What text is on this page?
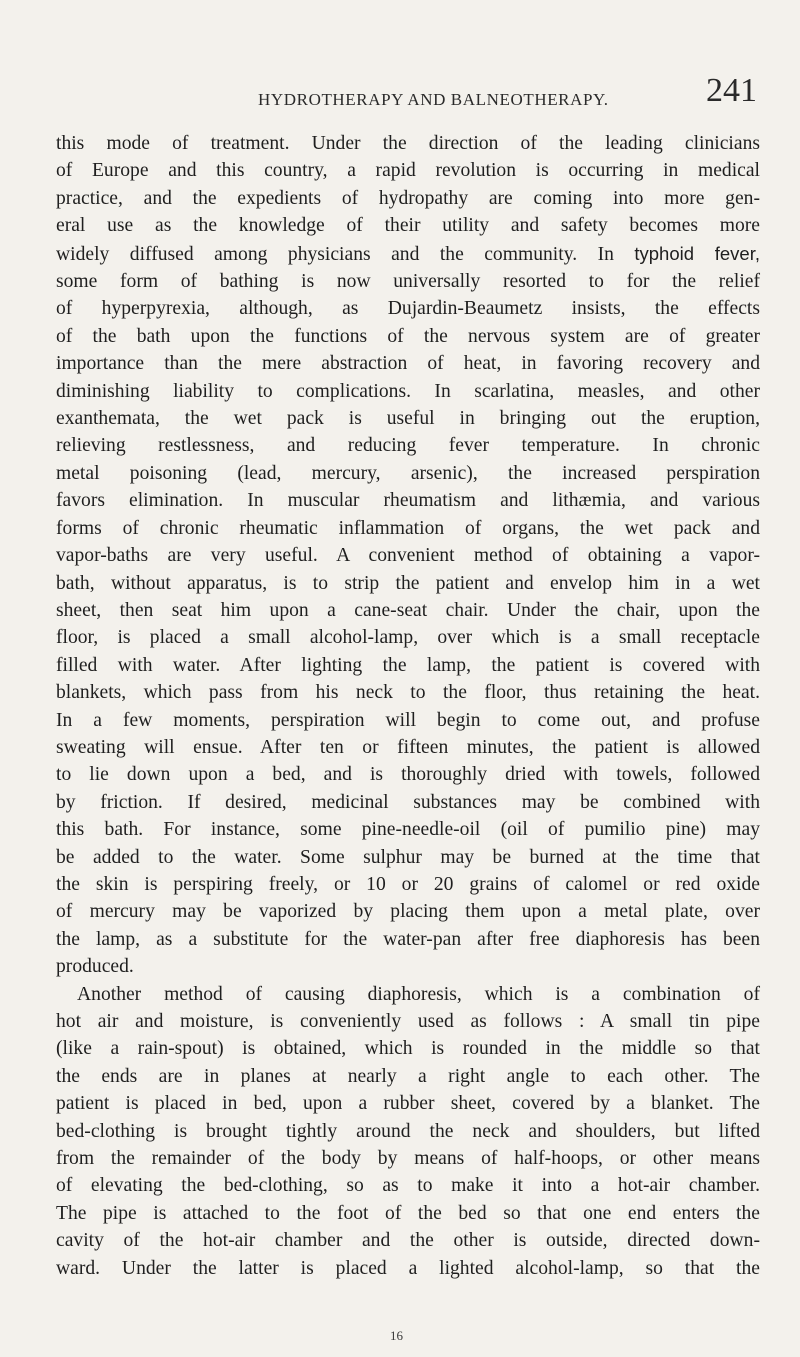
HYDROTHERAPY AND BALNEOTHERAPY.	241
this mode of treatment. Under the direction of the leading clinicians
of Europe and this country, a rapid revolution is occurring in medical
practice, and the expedients of hydropathy are coming into more gen-
eral use as the knowledge of their utility and safety becomes more
widely diffused among physicians and the community. In typhoid fever,
some form of bathing is now universally resorted to for the relief
of hyperpyrexia, although, as Dujardin-Beaumetz insists, the effects
of the bath upon the functions of the nervous system are of greater
importance than the mere abstraction of heat, in favoring recovery and
diminishing liability to complications. In scarlatina, measles, and other
exanthemata, the wet pack is useful in bringing out the eruption,
relieving restlessness, and reducing fever temperature. In chronic
metal poisoning (lead, mercury, arsenic), the increased perspiration
favors elimination. In muscular rheumatism and lithæmia, and various
forms of chronic rheumatic inflammation of organs, the wet pack and
vapor-baths are very useful. A convenient method of obtaining a vapor-
bath, without apparatus, is to strip the patient and envelop him in a wet
sheet, then seat him upon a cane-seat chair. Under the chair, upon the
floor, is placed a small alcohol-lamp, over which is a small receptacle
filled with water. After lighting the lamp, the patient is covered with
blankets, which pass from his neck to the floor, thus retaining the heat.
In a few moments, perspiration will begin to come out, and profuse
sweating will ensue. After ten or fifteen minutes, the patient is allowed
to lie down upon a bed, and is thoroughly dried with towels, followed
by friction. If desired, medicinal substances may be combined with
this bath. For instance, some pine-needle-oil (oil of pumilio pine) may
be added to the water. Some sulphur may be burned at the time that
the skin is perspiring freely, or 10 or 20 grains of calomel or red oxide
of mercury may be vaporized by placing them upon a metal plate, over
the lamp, as a substitute for the water-pan after free diaphoresis has been
produced.
Another method of causing diaphoresis, which is a combination of
hot air and moisture, is conveniently used as follows : A small tin pipe
(like a rain-spout) is obtained, which is rounded in the middle so that
the ends are in planes at nearly a right angle to each other. The
patient is placed in bed, upon a rubber sheet, covered by a blanket. The
bed-clothing is brought tightly around the neck and shoulders, but lifted
from the remainder of the body by means of half-hoops, or other means
of elevating the bed-clothing, so as to make it into a hot-air chamber.
The pipe is attached to the foot of the bed so that one end enters the
cavity of the hot-air chamber and the other is outside, directed down-
ward. Under the latter is placed a lighted alcohol-lamp, so that the
16
